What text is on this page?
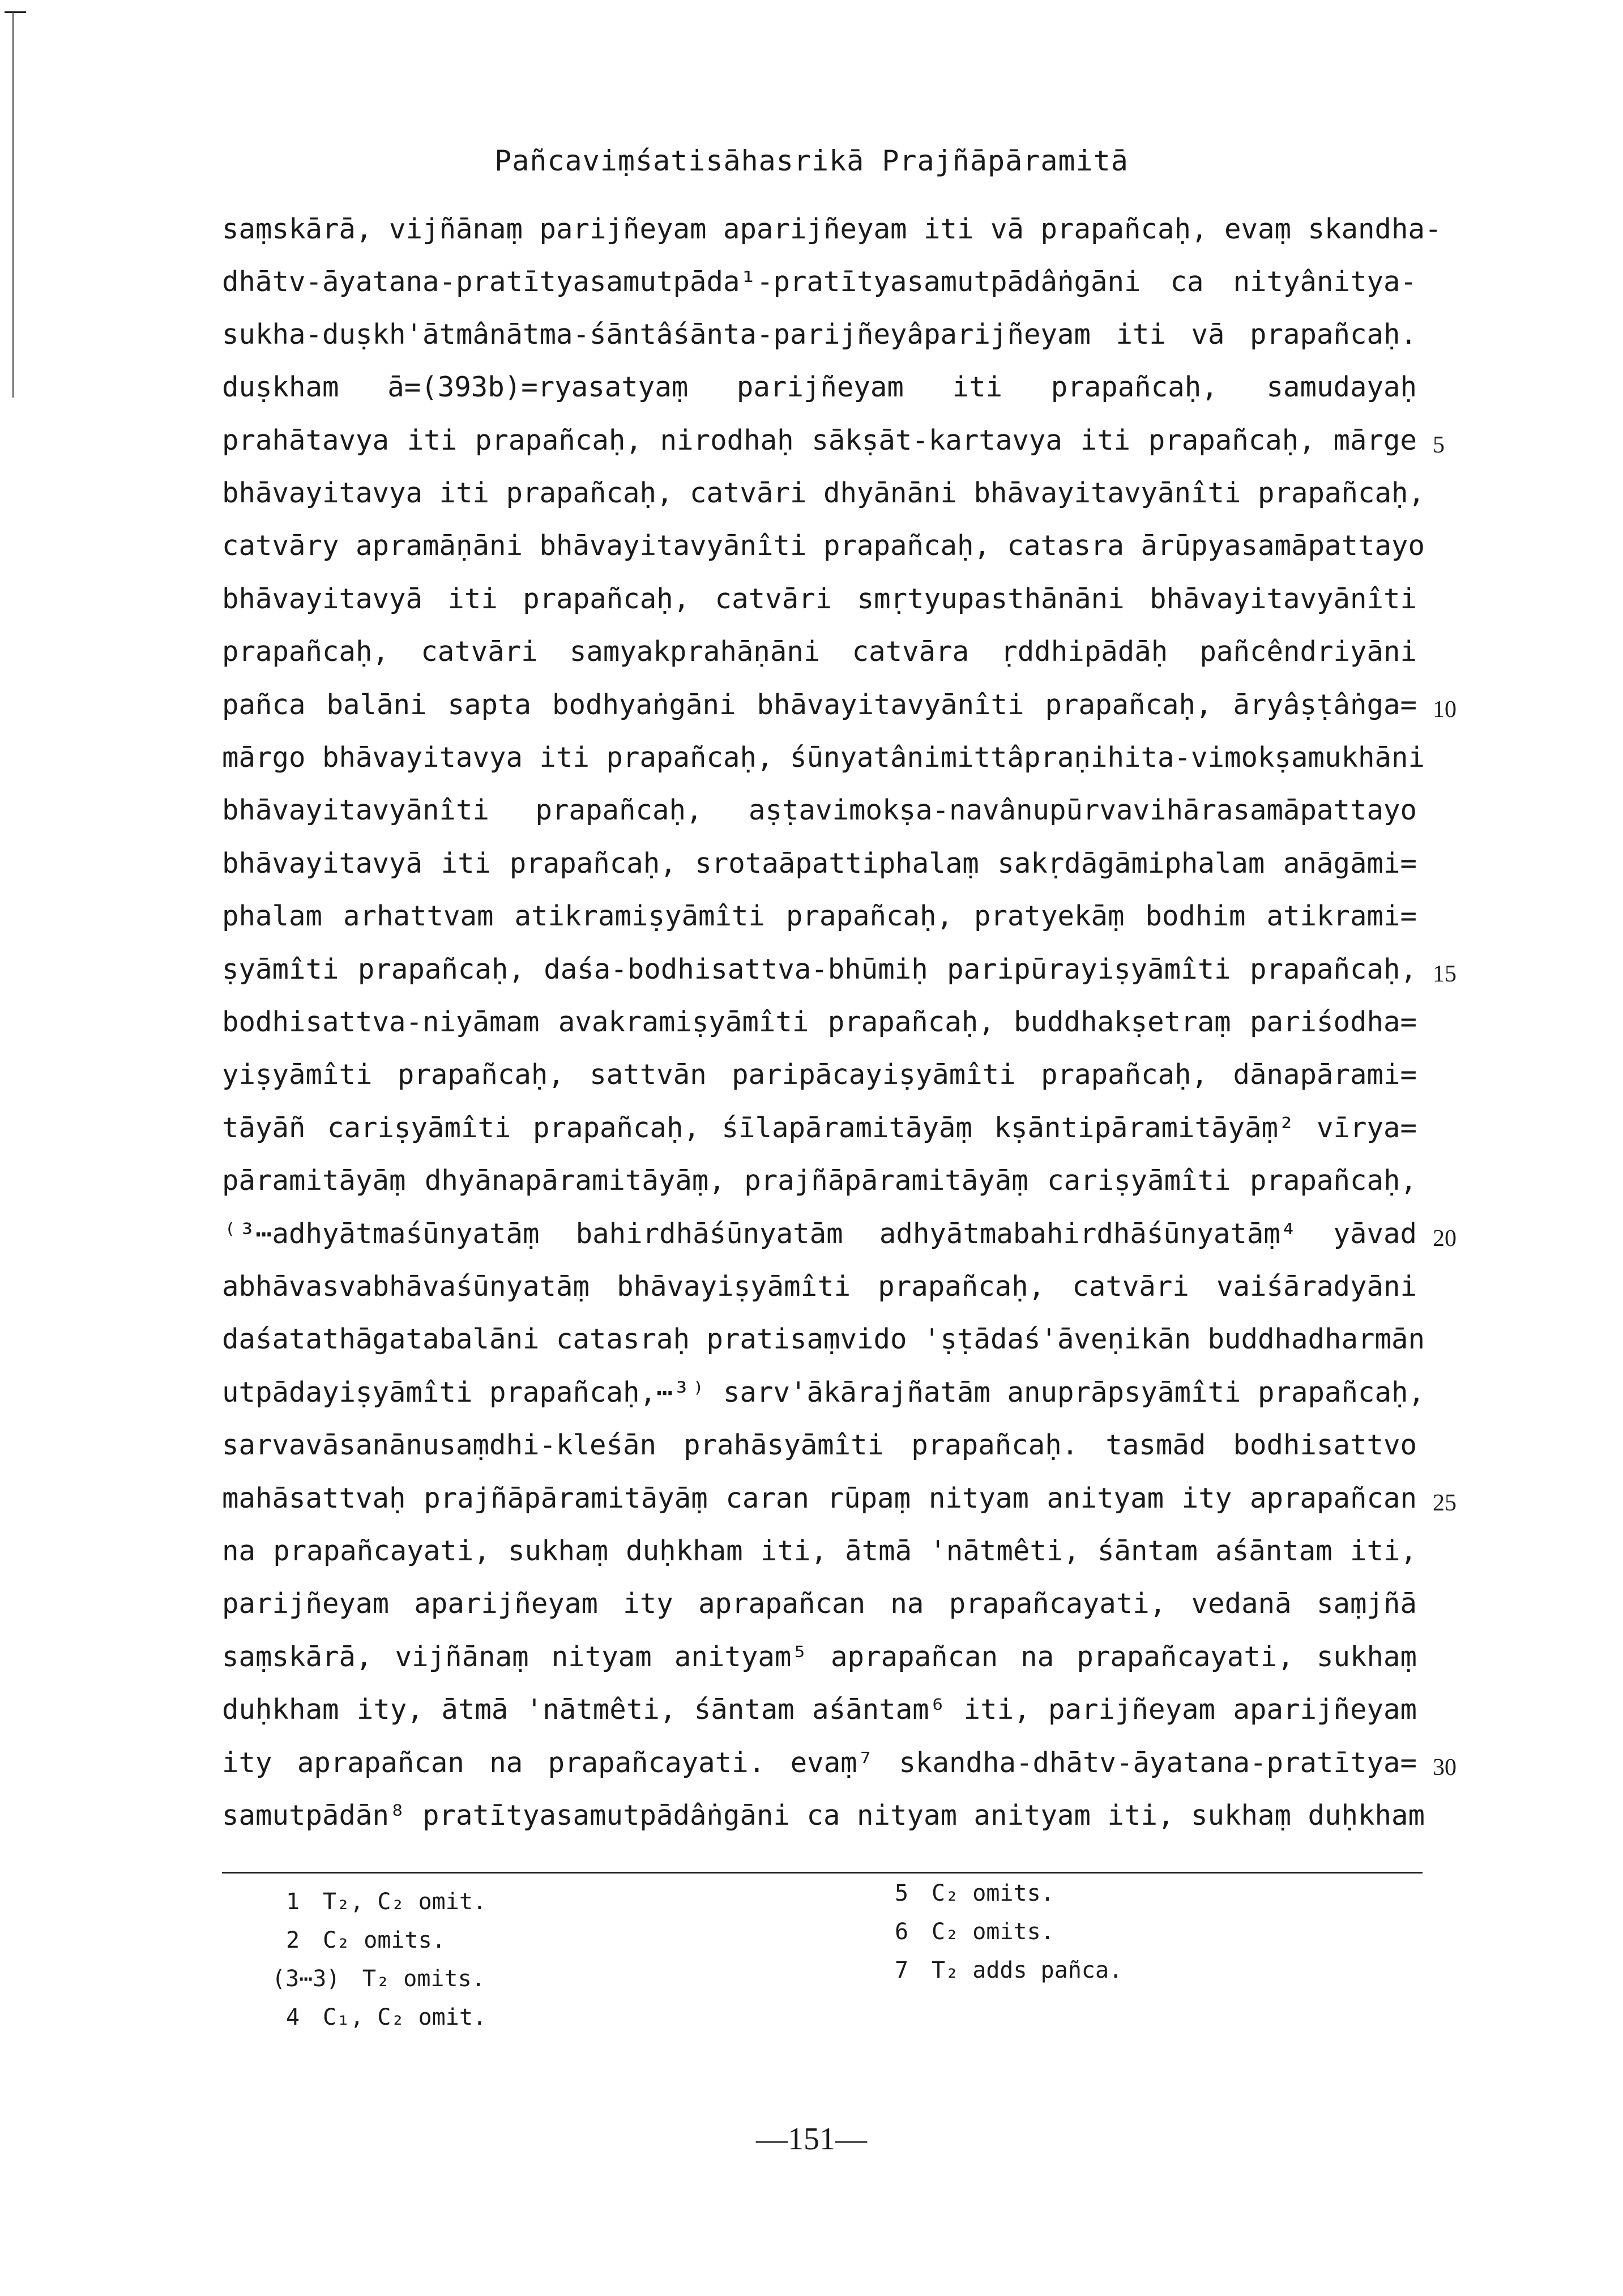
Pañcaviṃśatisāhasrikā Prajñāpāramitā
saṃskārā, vijñānaṃ parijñeyam aparijñeyam iti vā prapañcaḥ, evaṃ skandha-
dhātv-āyatana-pratītyasamutpāda¹-pratītyasamutpādâṅgāni ca nityânitya-
sukha-duṣkh'ātmânātma-śāntâśānta-parijñeyâparijñeyam iti vā prapañcaḥ.
duṣkham ā=(393b)=ryasatyaṃ parijñeyam iti prapañcaḥ, samudayaḥ
prahātavya iti prapañcaḥ, nirodhaḥ sākṣāt-kartavya iti prapañcaḥ, mārge
bhāvayitavya iti prapañcaḥ, catvāri dhyānāni bhāvayitavyānîti prapañcaḥ,
catvāry apramāṇāni bhāvayitavyānîti prapañcaḥ, catasra ārūpyasamāpattayo
bhāvayitavyā iti prapañcaḥ, catvāri smṛtyupasthānāni bhāvayitavyānîti
prapañcaḥ, catvāri samyakprahāṇāni catvāra ṛddhipādāḥ pañcêndriyāni
pañca balāni sapta bodhyaṅgāni bhāvayitavyānîti prapañcaḥ, āryâṣṭâṅga=
mārgo bhāvayitavya iti prapañcaḥ, śūnyatânimittâpraṇihita-vimokṣamukhāni
bhāvayitavyānîti prapañcaḥ, aṣṭavimokṣa-navânupūrvavihārasamāpattayo
bhāvayitavyā iti prapañcaḥ, srotaāpattiphalaṃ sakṛdāgāmiphalam anāgāmi=
phalam arhattvam atikramiṣyāmîti prapañcaḥ, pratyekāṃ bodhim atikrami=
ṣyāmîti prapañcaḥ, daśa-bodhisattva-bhūmiḥ paripūrayiṣyāmîti prapañcaḥ,
bodhisattva-niyāmam avakramiṣyāmîti prapañcaḥ, buddhakṣetraṃ pariśodha=
yiṣyāmîti prapañcaḥ, sattvān paripācayiṣyāmîti prapañcaḥ, dānapārami=
tāyāñ cariṣyāmîti prapañcaḥ, śīlapāramitāyāṃ kṣāntipāramitāyāṃ² vīrya=
pāramitāyāṃ dhyānapāramitāyāṃ, prajñāpāramitāyāṃ cariṣyāmîti prapañcaḥ,
⁽³⋯adhyātmaśūnyatāṃ bahirdhāśūnyatām adhyātmabahirdhāśūnyatāṃ⁴ yāvad
abhāvasvabhāvaśūnyatāṃ bhāvayiṣyāmîti prapañcaḥ, catvāri vaiśāradyāni
daśatathāgatabalāni catasraḥ pratisaṃvido 'ṣṭādaś'āveṇikān buddhadharmān
utpādayiṣyāmîti prapañcaḥ,⋯³⁾ sarv'ākārajñatām anuprāpsyāmîti prapañcaḥ,
sarvavāsanānusaṃdhi-kleśān prahāsyāmîti prapañcaḥ. tasmād bodhisattvo
mahāsattvaḥ prajñāpāramitāyāṃ caran rūpaṃ nityam anityam ity aprapañcan
na prapañcayati, sukhaṃ duḥkham iti, ātmā 'nātmêti, śāntam aśāntam iti,
parijñeyam aparijñeyam ity aprapañcan na prapañcayati, vedanā saṃjñā
saṃskārā, vijñānaṃ nityam anityam⁵ aprapañcan na prapañcayati, sukhaṃ
duḥkham ity, ātmā 'nātmêti, śāntam aśāntam⁶ iti, parijñeyam aparijñeyam
ity aprapañcan na prapañcayati. evaṃ⁷ skandha-dhātv-āyatana-pratītya=
samutpādān⁸ pratītyasamutpādâṅgāni ca nityam anityam iti, sukhaṃ duḥkham
5
10
15
20
25
30
1 T₂, C₂ omit.
2 C₂ omits.
(3⋯3) T₂ omits.
4 C₁, C₂ omit.
5 C₂ omits.
6 C₂ omits.
7 T₂ adds pañca.
—151—
